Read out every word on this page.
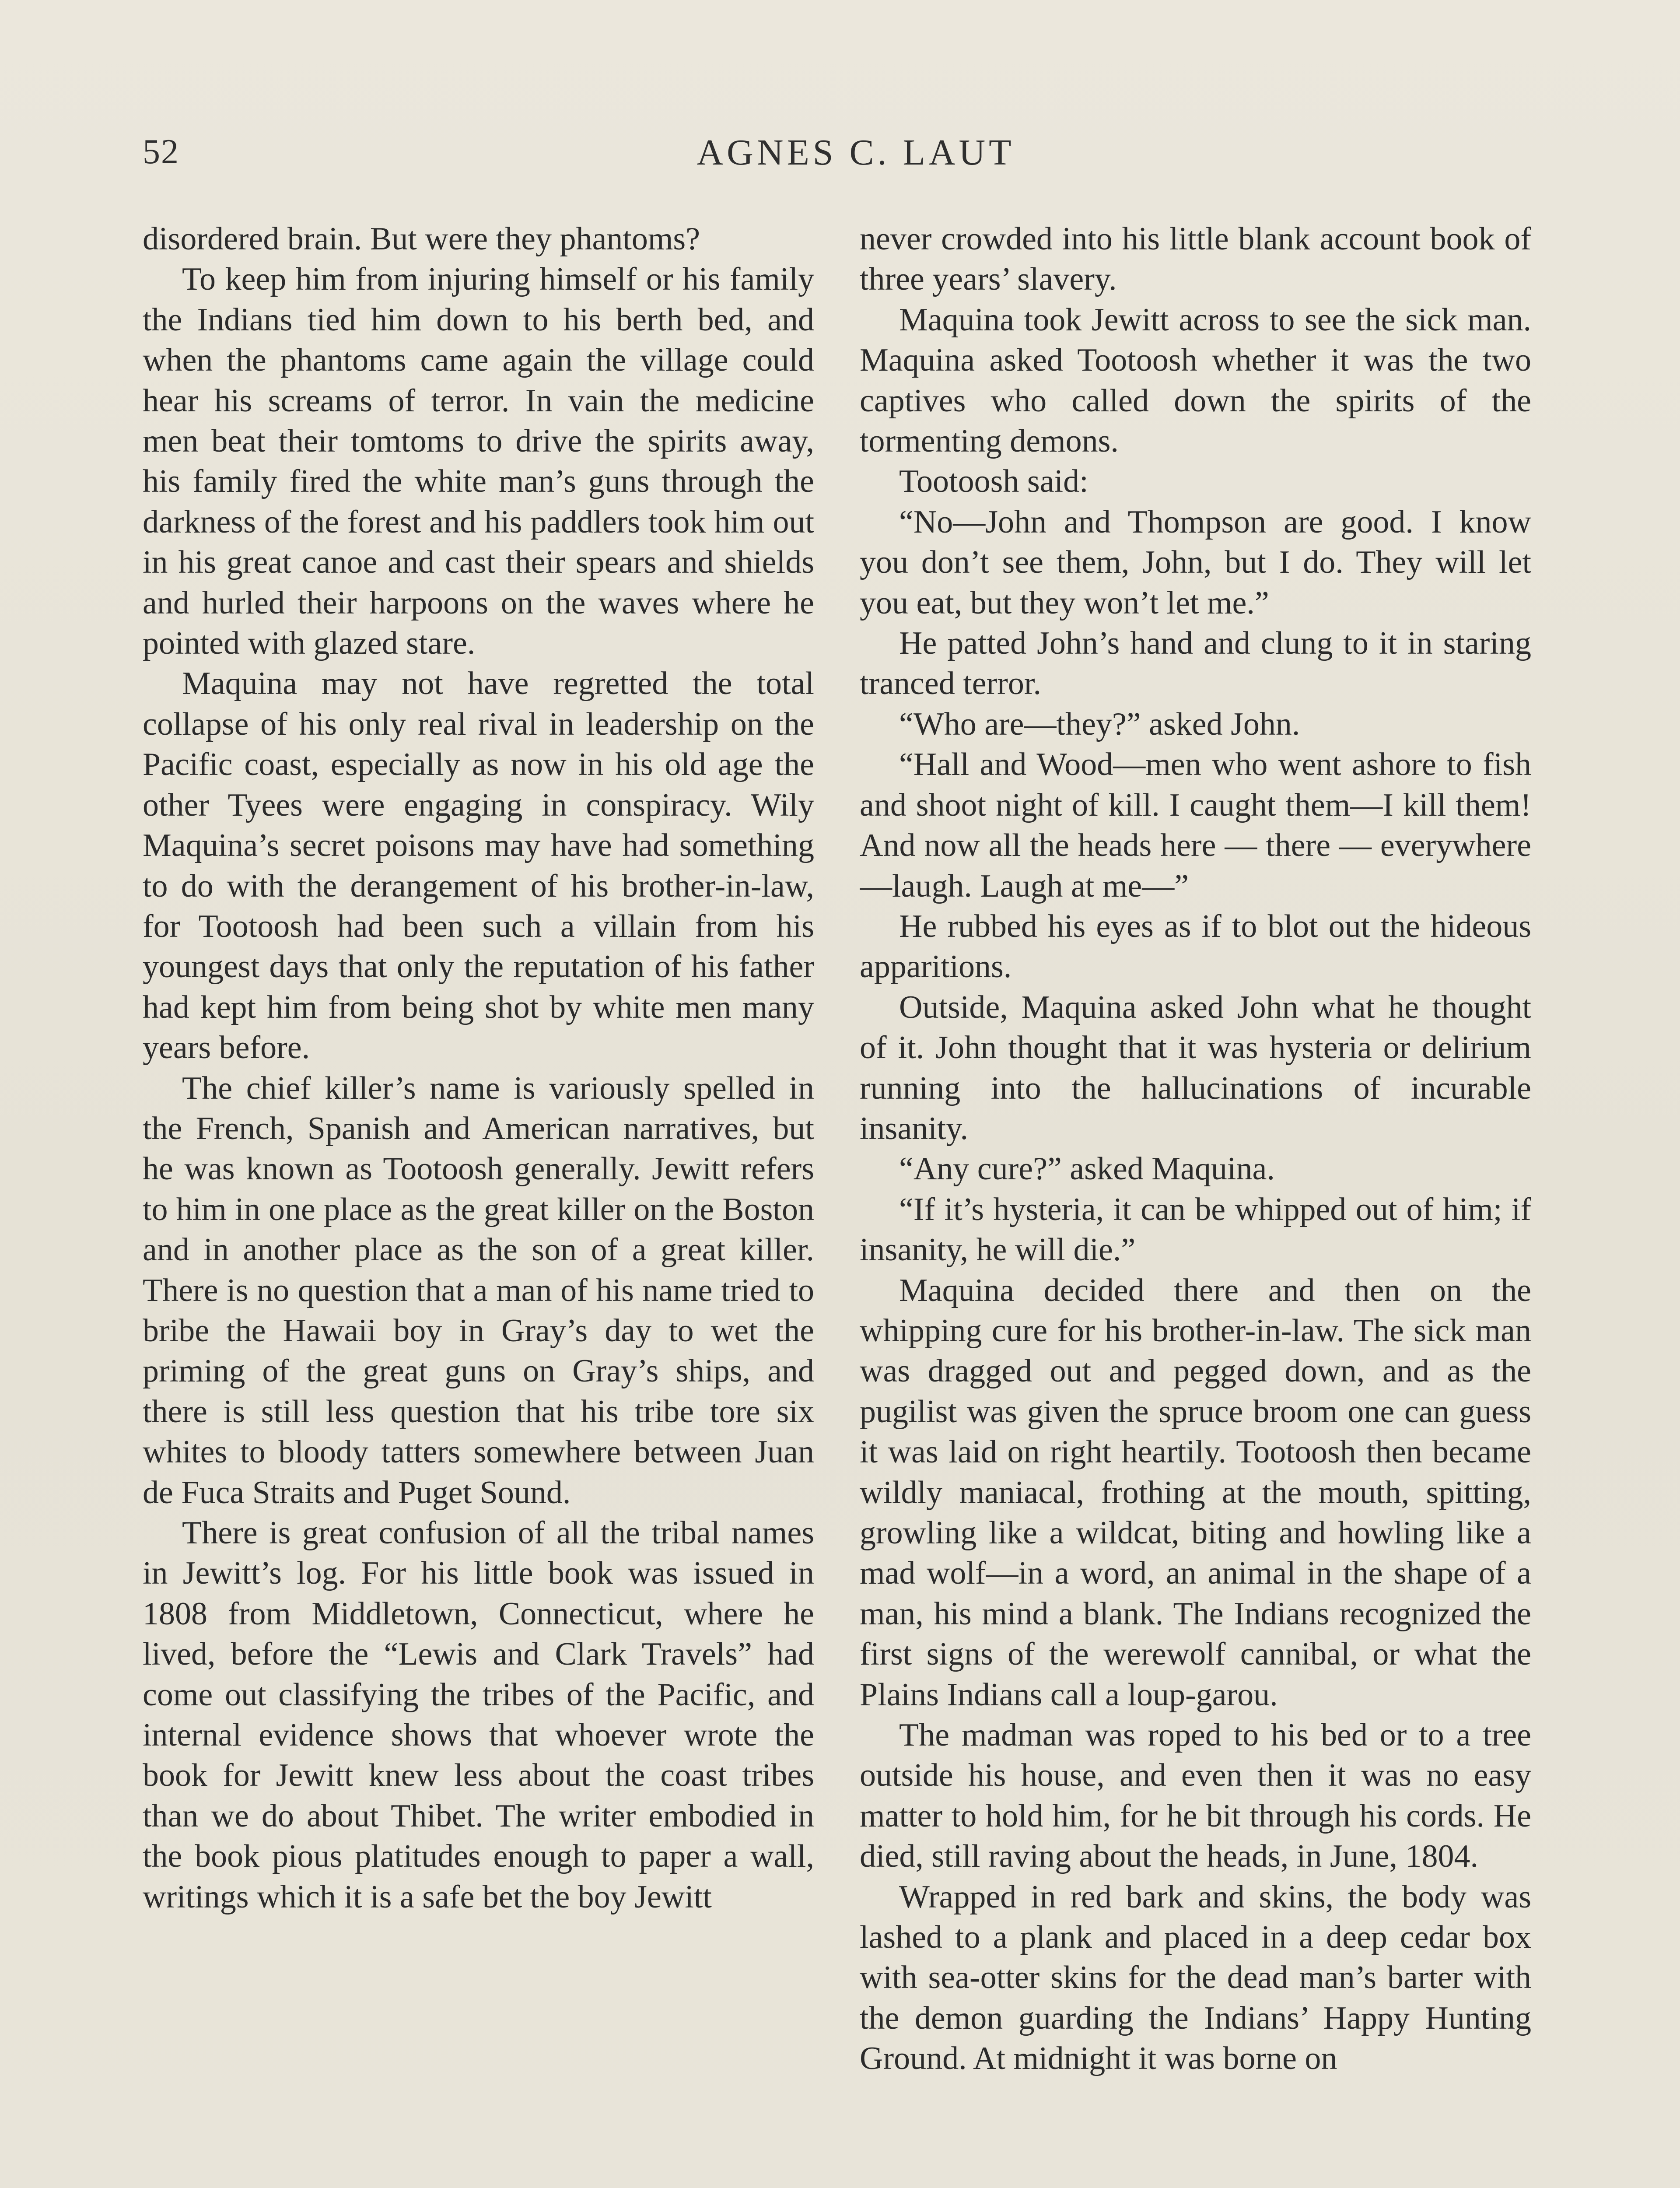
52	AGNES C. LAUT

disordered brain. But were they phantoms?

To keep him from injuring himself or his family the Indians tied him down to his berth bed, and when the phantoms came again the village could hear his screams of terror. In vain the medicine men beat their tomtoms to drive the spirits away, his family fired the white man’s guns through the darkness of the forest and his paddlers took him out in his great canoe and cast their spears and shields and hurled their harpoons on the waves where he pointed with glazed stare.

Maquina may not have regretted the total collapse of his only real rival in leadership on the Pacific coast, especially as now in his old age the other Tyees were engaging in conspiracy. Wily Maquina’s secret poisons may have had something to do with the derangement of his brother-in-law, for Tootoosh had been such a villain from his youngest days that only the reputation of his father had kept him from being shot by white men many years before.

The chief killer’s name is variously spelled in the French, Spanish and American narratives, but he was known as Tootoosh generally. Jewitt refers to him in one place as the great killer on the Boston and in another place as the son of a great killer. There is no question that a man of his name tried to bribe the Hawaii boy in Gray’s day to wet the priming of the great guns on Gray’s ships, and there is still less question that his tribe tore six whites to bloody tatters somewhere between Juan de Fuca Straits and Puget Sound.

There is great confusion of all the tribal names in Jewitt’s log. For his little book was issued in 1808 from Middletown, Connecticut, where he lived, before the “Lewis and Clark Travels” had come out classifying the tribes of the Pacific, and internal evidence shows that whoever wrote the book for Jewitt knew less about the coast tribes than we do about Thibet. The writer embodied in the book pious platitudes enough to paper a wall, writings which it is a safe bet the boy Jewitt

never crowded into his little blank account book of three years’ slavery.

Maquina took Jewitt across to see the sick man. Maquina asked Tootoosh whether it was the two captives who called down the spirits of the tormenting demons.

Tootoosh said:

“No—John and Thompson are good. I know you don’t see them, John, but I do. They will let you eat, but they won’t let me.”

He patted John’s hand and clung to it in staring tranced terror.

“Who are—they?” asked John.

“Hall and Wood—men who went ashore to fish and shoot night of kill. I caught them—I kill them! And now all the heads here — there — everywhere—laugh. Laugh at me—”

He rubbed his eyes as if to blot out the hideous apparitions.

Outside, Maquina asked John what he thought of it. John thought that it was hysteria or delirium running into the hallucinations of incurable insanity.

“Any cure?” asked Maquina.

“If it’s hysteria, it can be whipped out of him; if insanity, he will die.”

Maquina decided there and then on the whipping cure for his brother-in-law. The sick man was dragged out and pegged down, and as the pugilist was given the spruce broom one can guess it was laid on right heartily. Tootoosh then became wildly maniacal, frothing at the mouth, spitting, growling like a wildcat, biting and howling like a mad wolf—in a word, an animal in the shape of a man, his mind a blank. The Indians recognized the first signs of the werewolf cannibal, or what the Plains Indians call a loup-garou.

The madman was roped to his bed or to a tree outside his house, and even then it was no easy matter to hold him, for he bit through his cords. He died, still raving about the heads, in June, 1804.

Wrapped in red bark and skins, the body was lashed to a plank and placed in a deep cedar box with sea-otter skins for the dead man’s barter with the demon guarding the Indians’ Happy Hunting Ground. At midnight it was borne on
